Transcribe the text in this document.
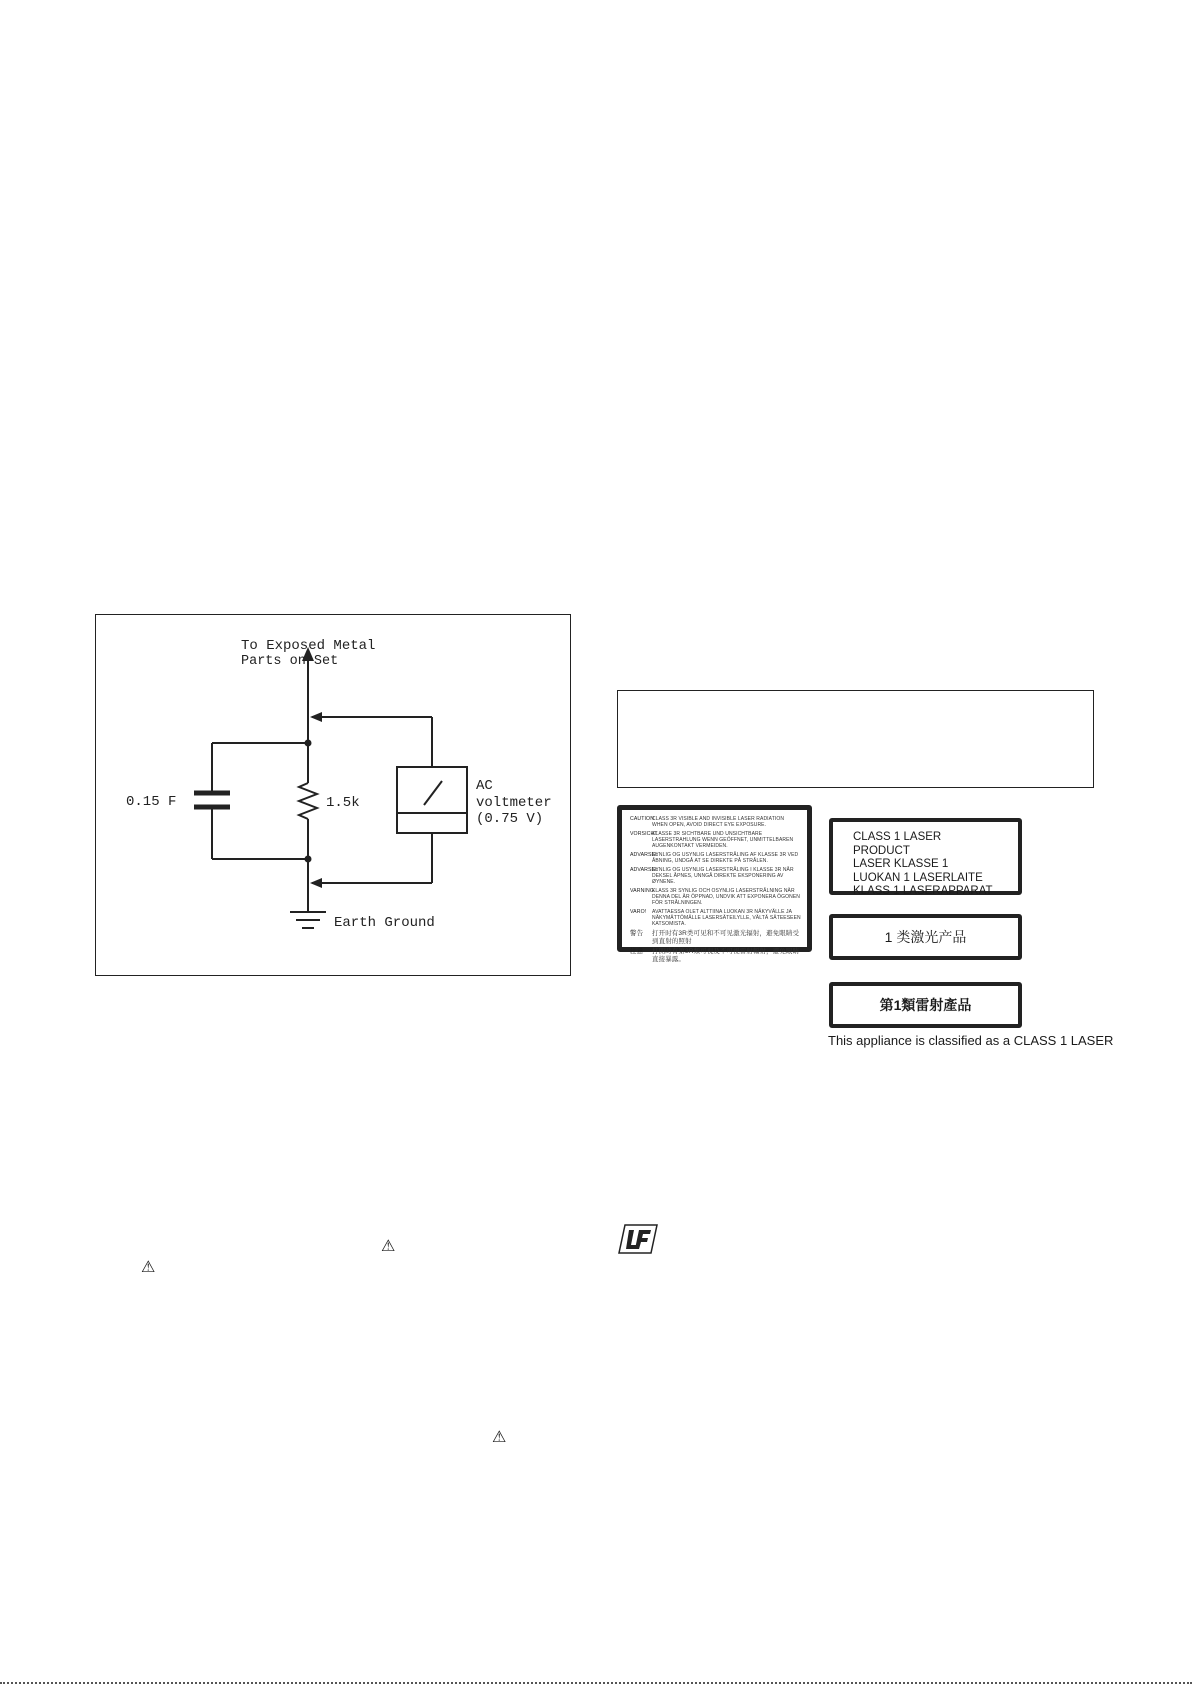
To Exposed Metal
Parts on Set
0.15 F	1.5k
AC
voltmeter
(0.75 V)
Earth Ground
CAUTION
CLASS 3R VISIBLE AND INVISIBLE LASER RADIATION WHEN OPEN, AVOID DIRECT EYE EXPOSURE.
VORSICHT
KLASSE 3R SICHTBARE UND UNSICHTBARE LASERSTRAHLUNG WENN GEÖFFNET, UNMITTELBAREN AUGENKONTAKT VERMEIDEN.
ADVARSEL
SYNLIG OG USYNLIG LASERSTRÅLING AF KLASSE 3R VED ÅBNING, UNDGÅ AT SE DIREKTE PÅ STRÅLEN.
ADVARSEL
SYNLIG OG USYNLIG LASERSTRÅLING I KLASSE 3R NÅR DEKSEL ÅPNES, UNNGÅ DIREKTE EKSPONERING AV ØYNENE.
VARNING
KLASS 3R SYNLIG OCH OSYNLIG LASERSTRÅLNING NÄR DENNA DEL ÄR ÖPPNAD, UNDVIK ATT EXPONERA ÖGONEN FÖR STRÅLNINGEN.
VARO!	AVATTAESSA OLET ALTTIINA LUOKAN 3R NÄKYVÄLLE JA NÄKYMÄTTÖMÄLLE LASERSÄTEILYLLE, VÄLTÄ SÄTEESEEN KATSOMISTA.
警告	打开时有3R类可见和不可见激光辐射，避免眼睛受到直射的照射
注意	打開時有第3R類可視及不可視雷射輻射，避免眼睛直接暴露。
CLASS 1 LASER PRODUCT
LASER KLASSE 1
LUOKAN 1 LASERLAITE
KLASS 1 LASERAPPARAT
1 类激光产品
第1類雷射產品
This appliance is classified as a CLASS 1 LASER
⚠
⚠
⚠
